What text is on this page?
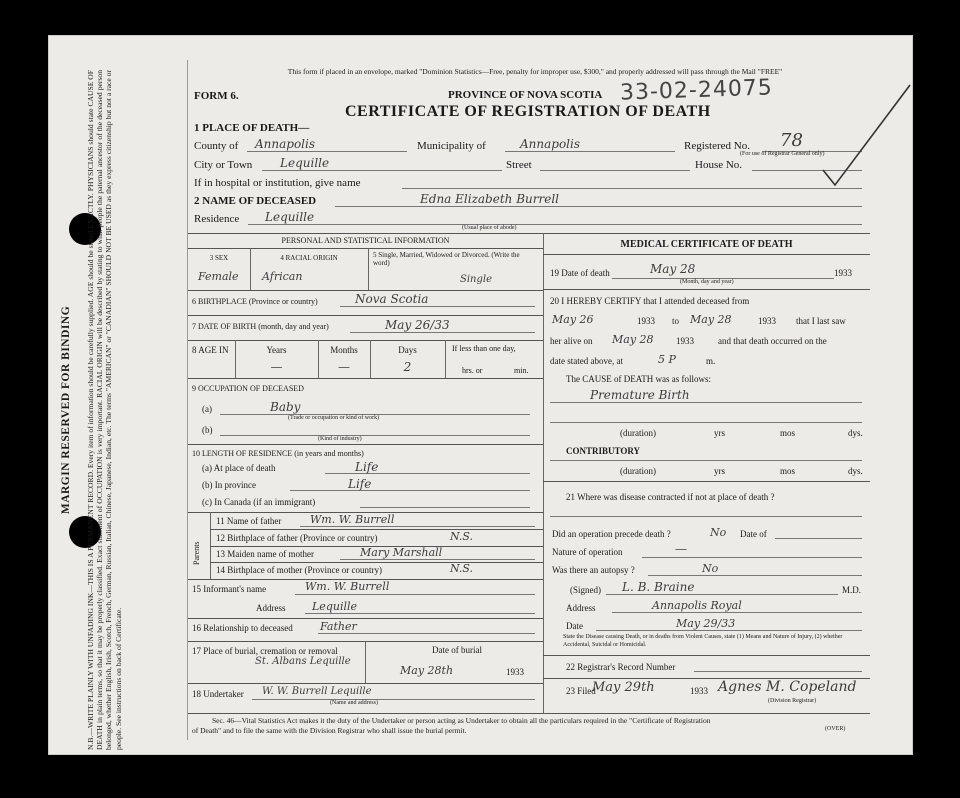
MARGIN RESERVED FOR BINDING N.B.—WRITE PLAINLY WITH UNFADING INK—THIS IS A PERMANENT RECORD. Every item of information should be carefully supplied. AGE should be stated EXACTLY. PHYSICIANS should state CAUSE OF DEATH in plain terms, so that it may be properly classified. Exact statement of OCCUPATION is very important. RACIAL ORIGIN will be described by stating to what people the paternal ancestor of the deceased person belonged, whether English, Irish, Scotch, French, German, Russian, Italian, Chinese, Japanese, Indian, etc. The terms "AMERICAN" or "CANADIAN" SHOULD NOT BE USED as they express citizenship but not a race or people. See instructions on back of Certificate.
This form if placed in an envelope, marked "Dominion Statistics—Free, penalty for improper use, $300," and properly addressed will pass through the Mail "FREE"
FORM 6.	PROVINCE OF NOVA SCOTIA 33-02-24075
CERTIFICATE OF REGISTRATION OF DEATH
1 PLACE OF DEATH—
County of Annapolis	Municipality of	Annapolis	Registered No. 78
(For use of Registrar General only)
City or Town Lequille	Street	House No.
If in hospital or institution, give name
2 NAME OF DECEASED	Edna Elizabeth Burrell
Residence Lequille
(Usual place of abode)
PERSONAL AND STATISTICAL INFORMATION
3 SEX
Female
4 RACIAL ORIGIN
African
5 Single, Married, Widowed or Divorced. (Write the word)
Single
6 BIRTHPLACE (Province or country)	Nova Scotia
7 DATE OF BIRTH (month, day and year)	May 26/33
8 AGE IN	Years	Months	Days
—	—	2
If less than one day,
hrs. or	min.
9 OCCUPATION OF DECEASED
(a)	Baby
(Trade or occupation or kind of work)
(b)
(Kind of industry)
10 LENGTH OF RESIDENCE (in years and months)
(a) At place of death	Life
(b) In province	Life
(c) In Canada (if an immigrant)
Parents
11 Name of father	Wm. W. Burrell
12 Birthplace of father (Province or country)	N.S.
13 Maiden name of mother	Mary Marshall
14 Birthplace of mother (Province or country)	N.S.
15 Informant's name	Wm. W. Burrell
Address Lequille
16 Relationship to deceased Father
17 Place of burial, cremation or removal
St. Albans Lequille
Date of burial
May 28th	1933
18 Undertaker W. W. Burrell Lequille
(Name and address)
MEDICAL CERTIFICATE OF DEATH
19 Date of death	May 28	1933
(Month, day and year)
20 I HEREBY CERTIFY that I attended deceased from
May 26	1933 to May 28	1933 that I last saw
her alive on May 28 1933	and that death occurred on the
date stated above, at	5 P	m.
The CAUSE of DEATH was as follows:
Premature Birth
(duration)	yrs	mos	dys.
CONTRIBUTORY
(duration)	yrs	mos	dys.
21 Where was disease contracted if not at place of death ?
Did an operation precede death ?	No Date of
Nature of operation	—
Was there an autopsy ?	No
(Signed) L. B. Braine	M.D.
Address	Annapolis Royal
Date	May 29/33
State the Disease causing Death, or in deaths from Violent Causes, state (1) Means and Nature of Injury, (2) whether Accidental, Suicidal or Homicidal.
22 Registrar's Record Number
23 Filed
May 29th	1933 Agnes M. Copeland
(Division Registrar)
Sec. 46—Vital Statistics Act makes it the duty of the Undertaker or person acting as Undertaker to obtain all the particulars required in the "Certificate of Registration
of Death" and to file the same with the Division Registrar who shall issue the burial permit.	(OVER)
